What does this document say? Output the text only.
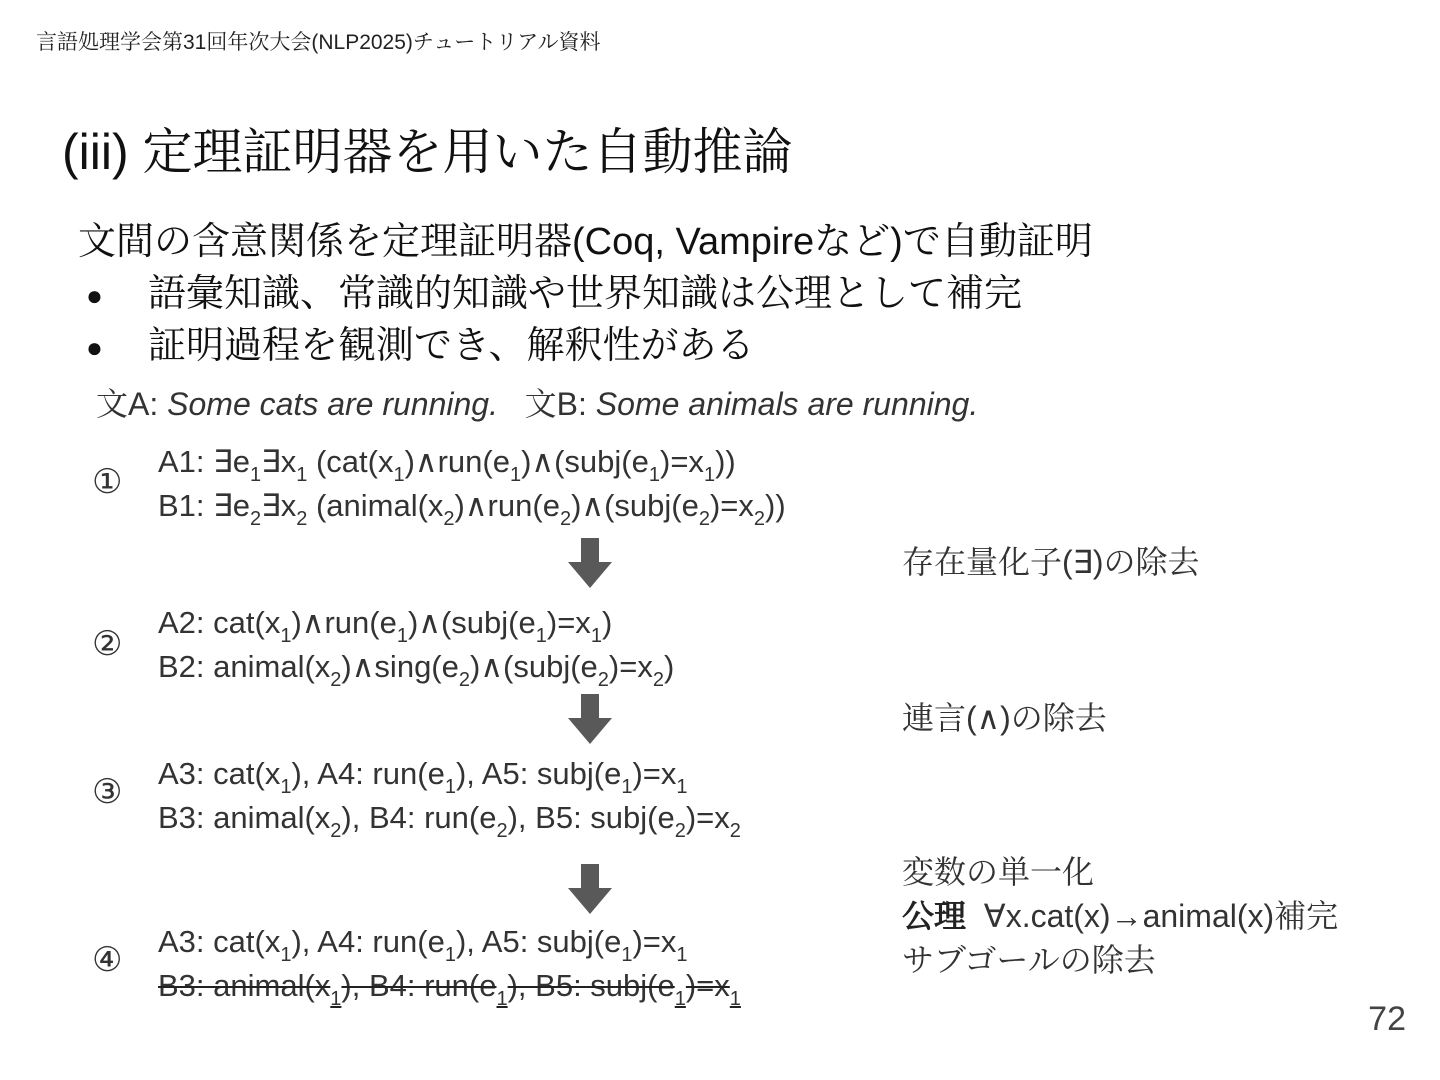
言語処理学会第31回年次大会(NLP2025)チュートリアル資料
(iii) 定理証明器を用いた自動推論
文間の含意関係を定理証明器(Coq, Vampireなど)で自動証明
● 語彙知識、常識的知識や世界知識は公理として補完
● 証明過程を観測でき、解釈性がある
文A: Some cats are running. 文B: Some animals are running.
①
A1: $\exists e_1\exists x_1$ $(cat(x_1)\wedge run(e_1)\wedge(subj(e_1)=x_1))$
B1: $\exists e_2\exists x_2$ $(animal(x_2)\wedge run(e_2)\wedge(subj(e_2)=x_2))$
存在量化子(∃)の除去
②
A2: $cat(x_1)\wedge run(e_1)\wedge(subj(e_1)=x_1)$
B2: $animal(x_2)\wedge\sin g(e_2)\wedge(subj(e_2)=x_2)$
連言(∧)の除去
③ A3: $cat(x_1)$, A4: $run(e_1)$, A5: $subj(e_1)=x_1$
B3: $animal(x_2)$, B4: $run(e_2)$, B5: $subj(e_2)=x_2$
変数の単一化
公理 ∀x.cat(x)→animal(x)補完
サブゴールの除去
④ A3: $cat(x_1)$, A4: $run(e_1)$, A5: $subj(e_1)=x_1$
B3: $animal(x_1)$, B4: $run(e_1)$, B5: $subj(e_1)=x_1$
72
